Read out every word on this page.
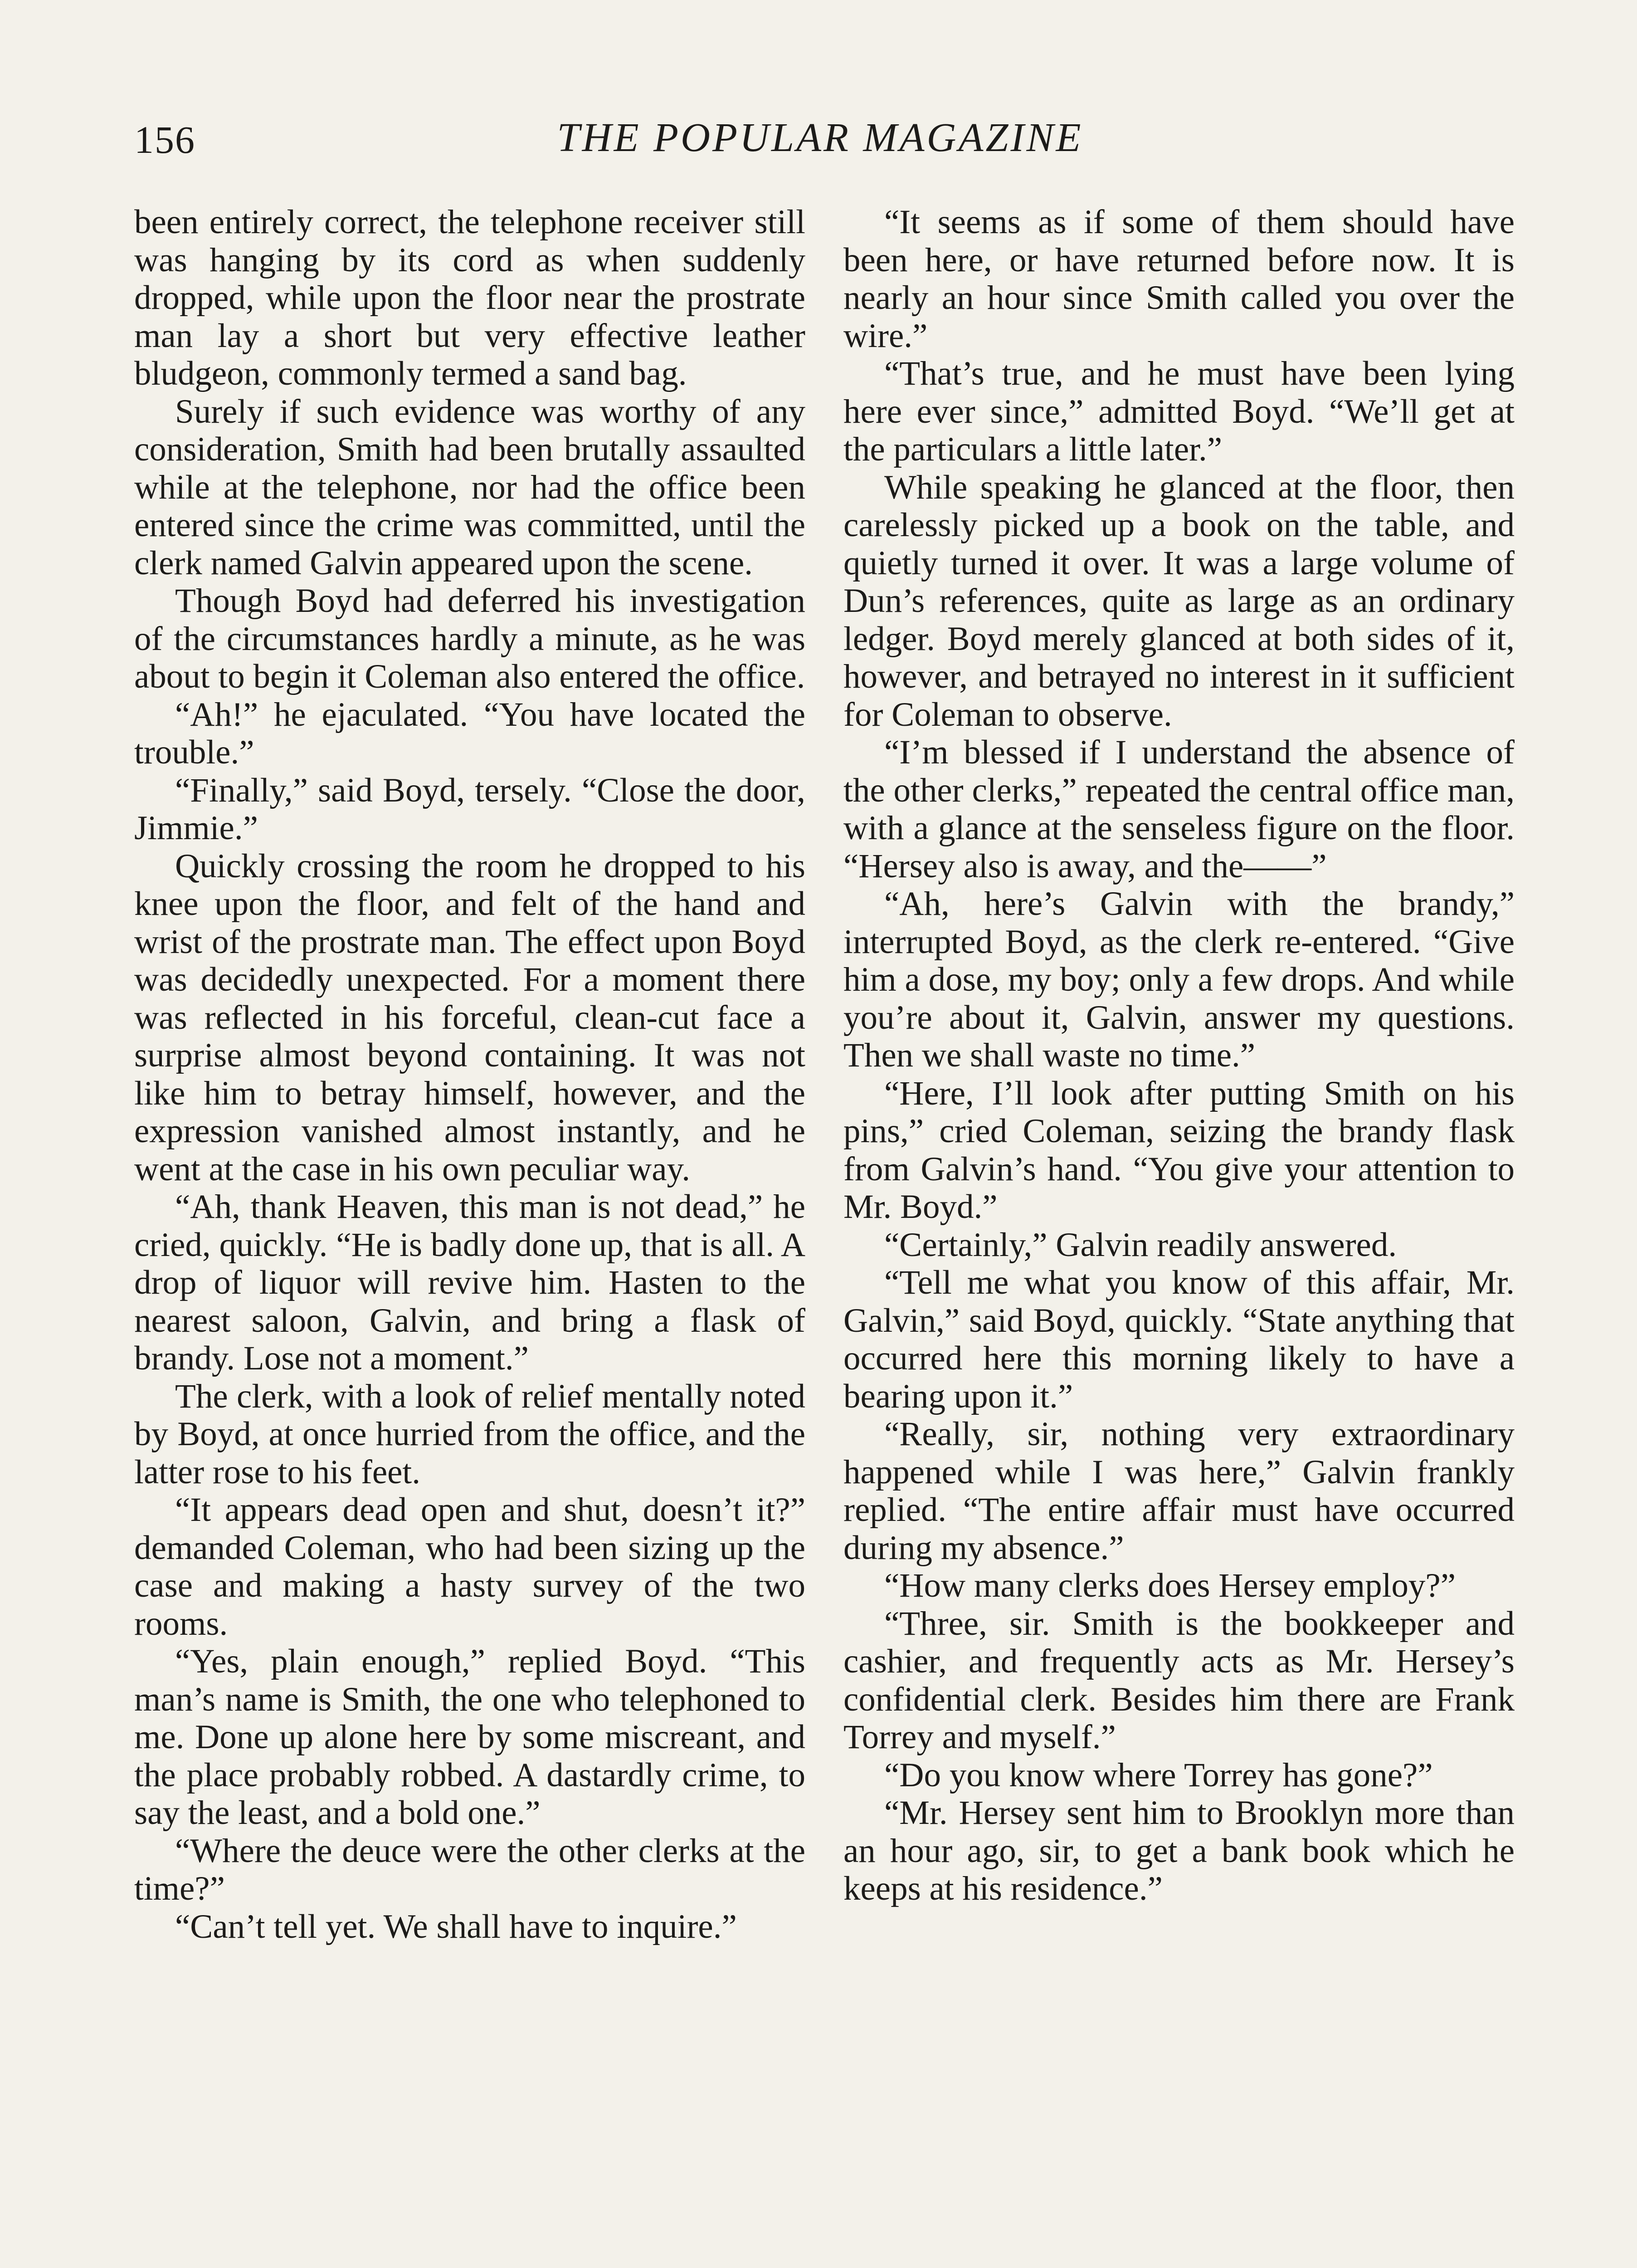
156	THE POPULAR MAGAZINE

been entirely correct, the telephone receiver still was hanging by its cord as when suddenly dropped, while upon the floor near the prostrate man lay a short but very effective leather bludgeon, commonly termed a sand bag.

Surely if such evidence was worthy of any consideration, Smith had been brutally assaulted while at the telephone, nor had the office been entered since the crime was committed, until the clerk named Galvin appeared upon the scene.

Though Boyd had deferred his investigation of the circumstances hardly a minute, as he was about to begin it Coleman also entered the office.

“Ah!” he ejaculated. “You have located the trouble.”

“Finally,” said Boyd, tersely. “Close the door, Jimmie.”

Quickly crossing the room he dropped to his knee upon the floor, and felt of the hand and wrist of the prostrate man. The effect upon Boyd was decidedly unexpected. For a moment there was reflected in his forceful, clean-cut face a surprise almost beyond containing. It was not like him to betray himself, however, and the expression vanished almost instantly, and he went at the case in his own peculiar way.

“Ah, thank Heaven, this man is not dead,” he cried, quickly. “He is badly done up, that is all. A drop of liquor will revive him. Hasten to the nearest saloon, Galvin, and bring a flask of brandy. Lose not a moment.”

The clerk, with a look of relief mentally noted by Boyd, at once hurried from the office, and the latter rose to his feet.

“It appears dead open and shut, doesn’t it?” demanded Coleman, who had been sizing up the case and making a hasty survey of the two rooms.

“Yes, plain enough,” replied Boyd. “This man’s name is Smith, the one who telephoned to me. Done up alone here by some miscreant, and the place probably robbed. A dastardly crime, to say the least, and a bold one.”

“Where the deuce were the other clerks at the time?”

“Can’t tell yet. We shall have to inquire.”

“It seems as if some of them should have been here, or have returned before now. It is nearly an hour since Smith called you over the wire.”

“That’s true, and he must have been lying here ever since,” admitted Boyd. “We’ll get at the particulars a little later.”

While speaking he glanced at the floor, then carelessly picked up a book on the table, and quietly turned it over. It was a large volume of Dun’s references, quite as large as an ordinary ledger. Boyd merely glanced at both sides of it, however, and betrayed no interest in it sufficient for Coleman to observe.

“I’m blessed if I understand the absence of the other clerks,” repeated the central office man, with a glance at the senseless figure on the floor. “Hersey also is away, and the——”

“Ah, here’s Galvin with the brandy,” interrupted Boyd, as the clerk re-entered. “Give him a dose, my boy; only a few drops. And while you’re about it, Galvin, answer my questions. Then we shall waste no time.”

“Here, I’ll look after putting Smith on his pins,” cried Coleman, seizing the brandy flask from Galvin’s hand. “You give your attention to Mr. Boyd.”

“Certainly,” Galvin readily answered.

“Tell me what you know of this affair, Mr. Galvin,” said Boyd, quickly. “State anything that occurred here this morning likely to have a bearing upon it.”

“Really, sir, nothing very extraordinary happened while I was here,” Galvin frankly replied. “The entire affair must have occurred during my absence.”

“How many clerks does Hersey employ?”

“Three, sir. Smith is the bookkeeper and cashier, and frequently acts as Mr. Hersey’s confidential clerk. Besides him there are Frank Torrey and myself.”

“Do you know where Torrey has gone?”

“Mr. Hersey sent him to Brooklyn more than an hour ago, sir, to get a bank book which he keeps at his residence.”
